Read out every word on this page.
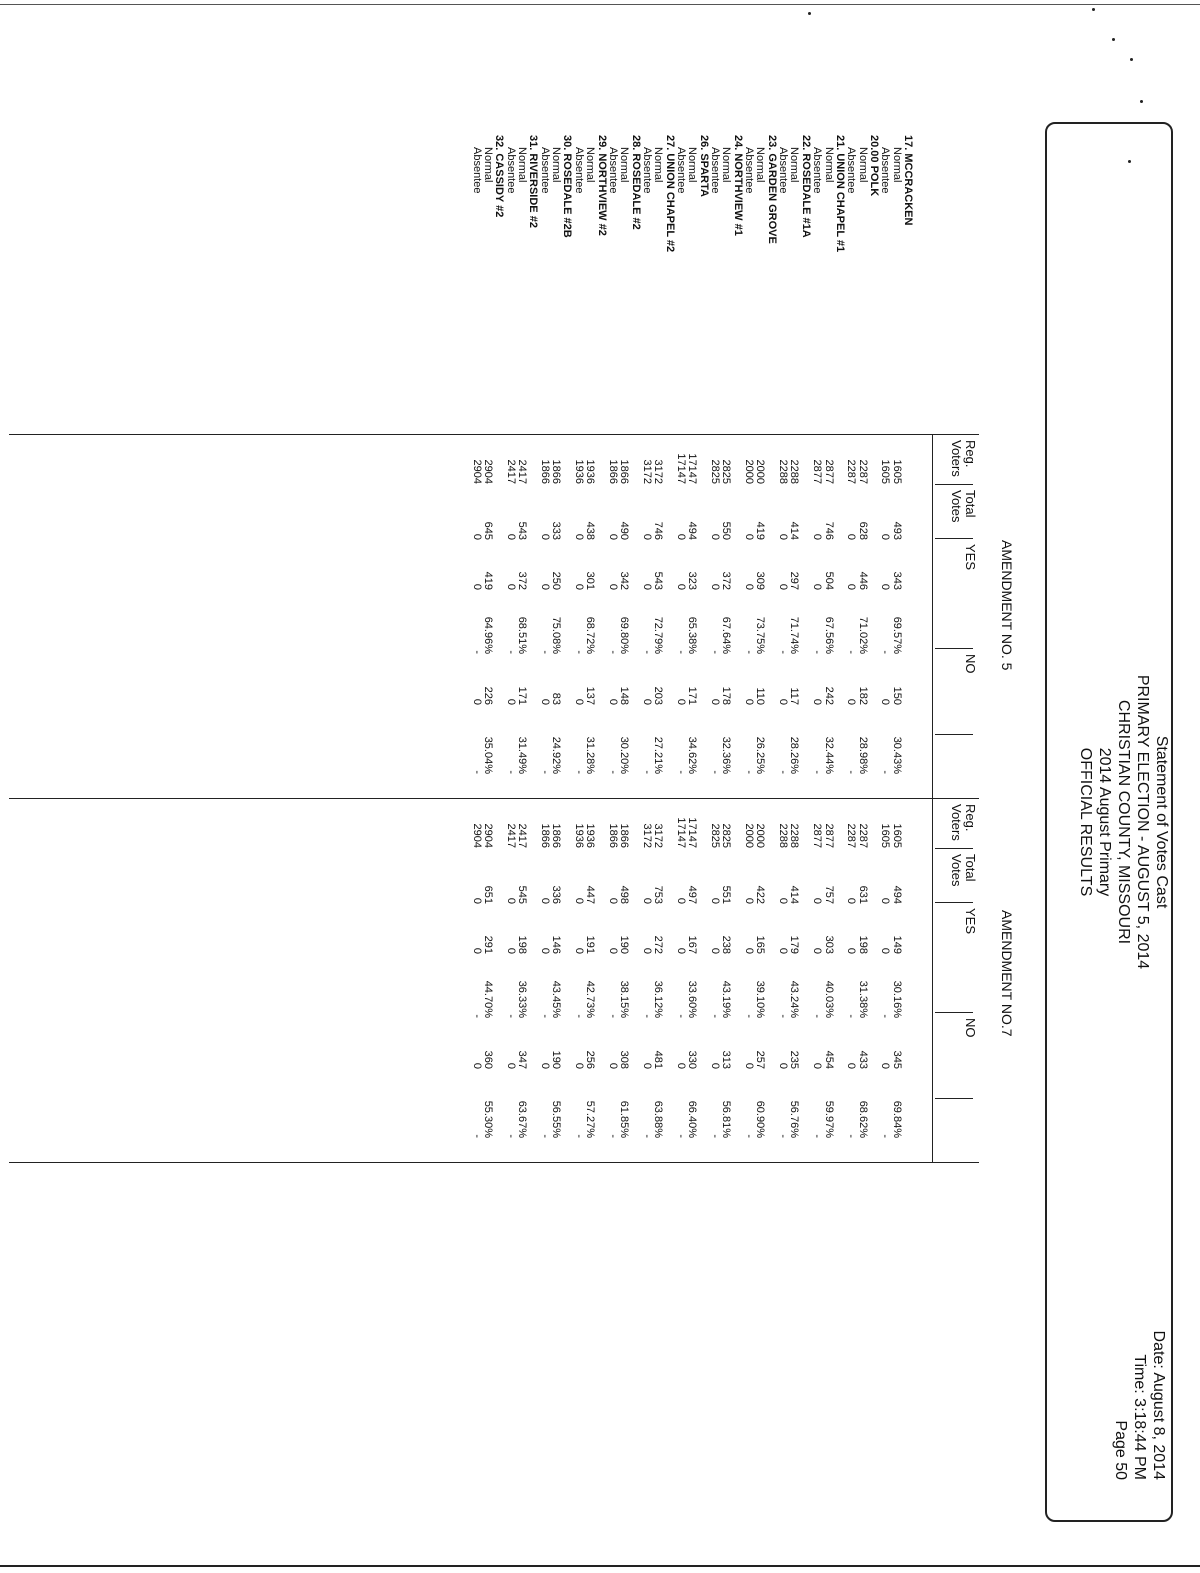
Statement of Votes Cast
PRIMARY ELECTION - AUGUST 5, 2014
CHRISTIAN COUNTY, MISSOURI
2014 August Primary
OFFICIAL RESULTS
Date: August 8, 2014
Time: 3:18:44 PM
Page 50
AMENDMENT NO. 5
AMENDMENT NO.7
Reg.
Voters
Total
Votes
YES
NO
Reg.
Voters
Total
Votes
YES
NO
17. MCCRACKEN
Normal
1605
493
343
69.57%
150
30.43%
1605
494
149
30.16%
345
69.84%
Absentee
1605
0
0
-
0
-
1605
0
0
-
0
-
20.00 POLK
Normal
2287
628
446
71.02%
182
28.98%
2287
631
198
31.38%
433
68.62%
Absentee
2287
0
0
-
0
-
2287
0
0
-
0
-
21. UNION CHAPEL #1
Normal
2877
746
504
67.56%
242
32.44%
2877
757
303
40.03%
454
59.97%
Absentee
2877
0
0
-
0
-
2877
0
0
-
0
-
22. ROSEDALE #1A
Normal
2288
414
297
71.74%
117
28.26%
2288
414
179
43.24%
235
56.76%
Absentee
2288
0
0
-
0
-
2288
0
0
-
0
-
23. GARDEN GROVE
Normal
2000
419
309
73.75%
110
26.25%
2000
422
165
39.10%
257
60.90%
Absentee
2000
0
0
-
0
-
2000
0
0
-
0
-
24. NORTHVIEW #1
Normal
2825
550
372
67.64%
178
32.36%
2825
551
238
43.19%
313
56.81%
Absentee
2825
0
0
-
0
-
2825
0
0
-
0
-
26. SPARTA
Normal
17147
494
323
65.38%
171
34.62%
17147
497
167
33.60%
330
66.40%
Absentee
17147
0
0
-
0
-
17147
0
0
-
0
-
27. UNION CHAPEL #2
Normal
3172
746
543
72.79%
203
27.21%
3172
753
272
36.12%
481
63.88%
Absentee
3172
0
0
-
0
-
3172
0
0
-
0
-
28. ROSEDALE #2
Normal
1866
490
342
69.80%
148
30.20%
1866
498
190
38.15%
308
61.85%
Absentee
1866
0
0
-
0
-
1866
0
0
-
0
-
29. NORTHVIEW #2
Normal
1936
438
301
68.72%
137
31.28%
1936
447
191
42.73%
256
57.27%
Absentee
1936
0
0
-
0
-
1936
0
0
-
0
-
30. ROSEDALE #2B
Normal
1866
333
250
75.08%
83
24.92%
1866
336
146
43.45%
190
56.55%
Absentee
1866
0
0
-
0
-
1866
0
0
-
0
-
31. RIVERSIDE #2
Normal
2417
543
372
68.51%
171
31.49%
2417
545
198
36.33%
347
63.67%
Absentee
2417
0
0
-
0
-
2417
0
0
-
0
-
32. CASSIDY #2
Normal
2904
645
419
64.96%
226
35.04%
2904
651
291
44.70%
360
55.30%
Absentee
2904
0
0
-
0
-
2904
0
0
-
0
-
